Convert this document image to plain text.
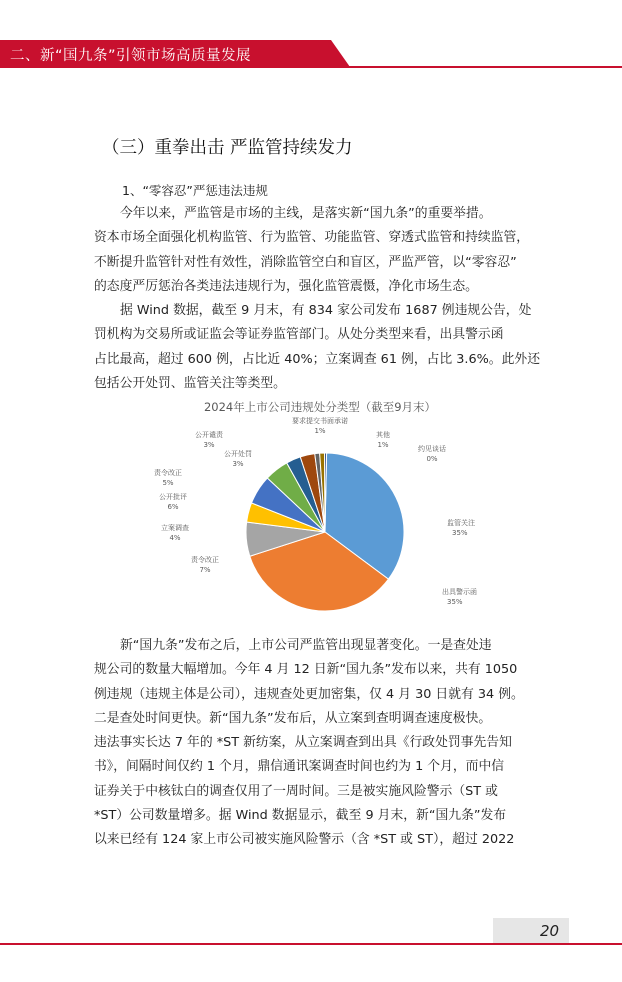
二、新“国九条”引领市场高质量发展
（三）重拳出击 严监管持续发力
1、“零容忍”严惩违法违规
今年以来，严监管是市场的主线，是落实新“国九条”的重要举措。
资本市场全面强化机构监管、行为监管、功能监管、穿透式监管和持续监管，
不断提升监管针对性有效性，消除监管空白和盲区，严监严管，以“零容忍”
的态度严厉惩治各类违法违规行为，强化监管震慑，净化市场生态。
据 Wind 数据，截至 9 月末，有 834 家公司发布 1687 例违规公告，处
罚机构为交易所或证监会等证券监管部门。从处分类型来看，出具警示函
占比最高，超过 600 例，占比近 40%；立案调查 61 例，占比 3.6%。此外还
包括公开处罚、监管关注等类型。
2024年上市公司违规处分类型（截至9月末）
监管关注
35%
出具警示函
35%
责令改正
7%
立案调查
4%
公开批评
6%
责令改正
5%
公开处罚
3%
公开谴责
3%
要求提交书面承诺
1%	其他
1%	约见谈话
0%
新“国九条”发布之后，上市公司严监管出现显著变化。一是查处违
规公司的数量大幅增加。今年 4 月 12 日新“国九条”发布以来，共有 1050
例违规（违规主体是公司），违规查处更加密集，仅 4 月 30 日就有 34 例。
二是查处时间更快。新“国九条”发布后，从立案到查明调查速度极快。
违法事实长达 7 年的 *ST 新纺案，从立案调查到出具《行政处罚事先告知
书》，间隔时间仅约 1 个月，鼎信通讯案调查时间也约为 1 个月，而中信
证券关于中核钛白的调查仅用了一周时间。三是被实施风险警示（ST 或
*ST）公司数量增多。据 Wind 数据显示，截至 9 月末，新“国九条”发布
以来已经有 124 家上市公司被实施风险警示（含 *ST 或 ST），超过 2022
20
